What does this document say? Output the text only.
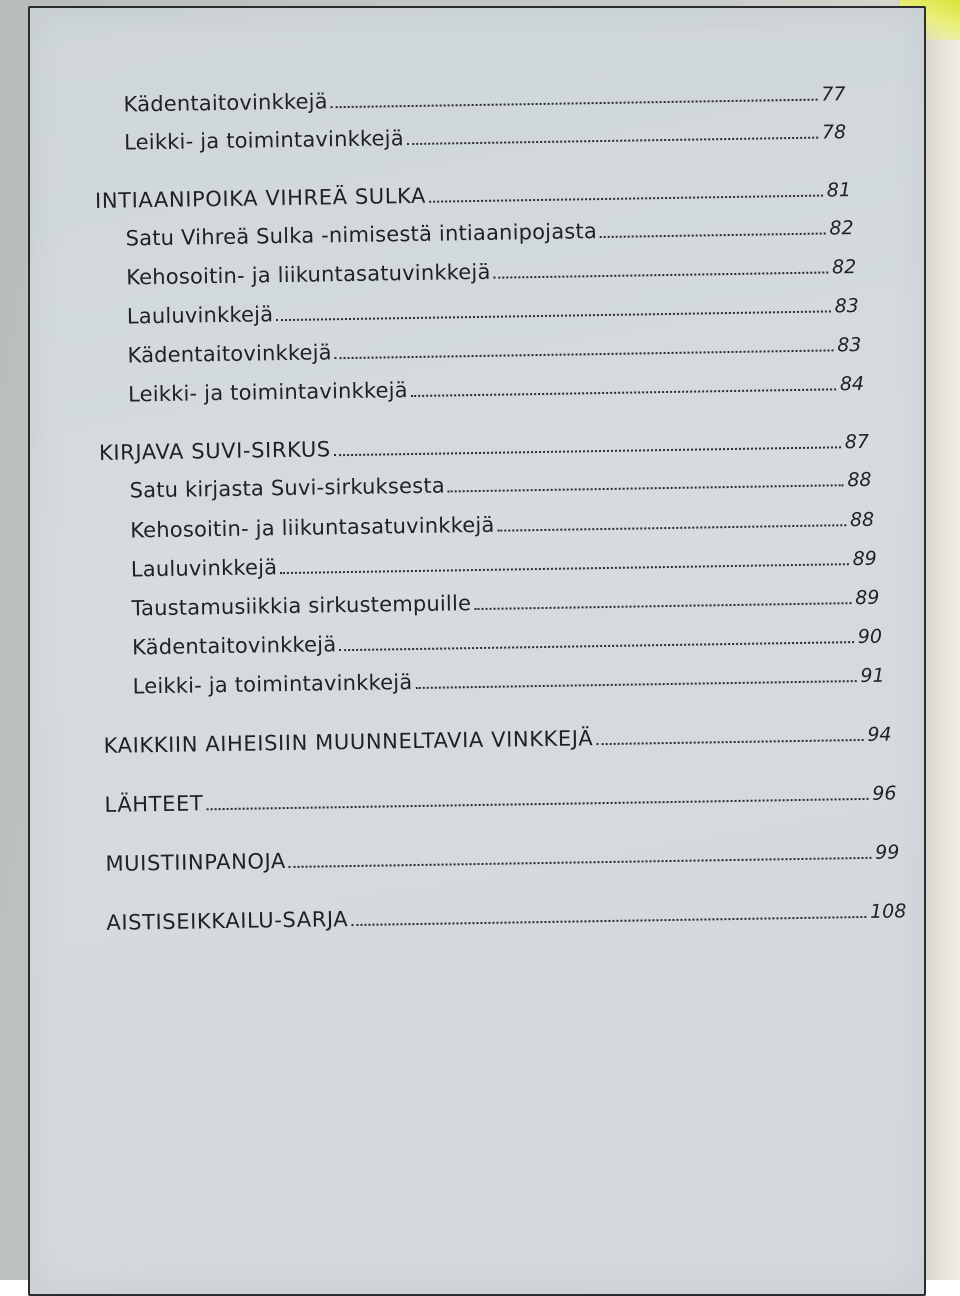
Kädentaitovinkkejä	77
Leikki- ja toimintavinkkejä	78
INTIAANIPOIKA VIHREÄ SULKA	81
Satu Vihreä Sulka -nimisestä intiaanipojasta	82
Kehosoitin- ja liikuntasatuvinkkejä	82
Lauluvinkkejä	83
Kädentaitovinkkejä	83
Leikki- ja toimintavinkkejä	84
KIRJAVA SUVI-SIRKUS	87
Satu kirjasta Suvi-sirkuksesta	88
Kehosoitin- ja liikuntasatuvinkkejä	88
Lauluvinkkejä	89
Taustamusiikkia sirkustempuille	89
Kädentaitovinkkejä	90
Leikki- ja toimintavinkkejä	91
KAIKKIIN AIHEISIIN MUUNNELTAVIA VINKKEJÄ	94
LÄHTEET	96
MUISTIINPANOJA	99
AISTISEIKKAILU-SARJA	108
